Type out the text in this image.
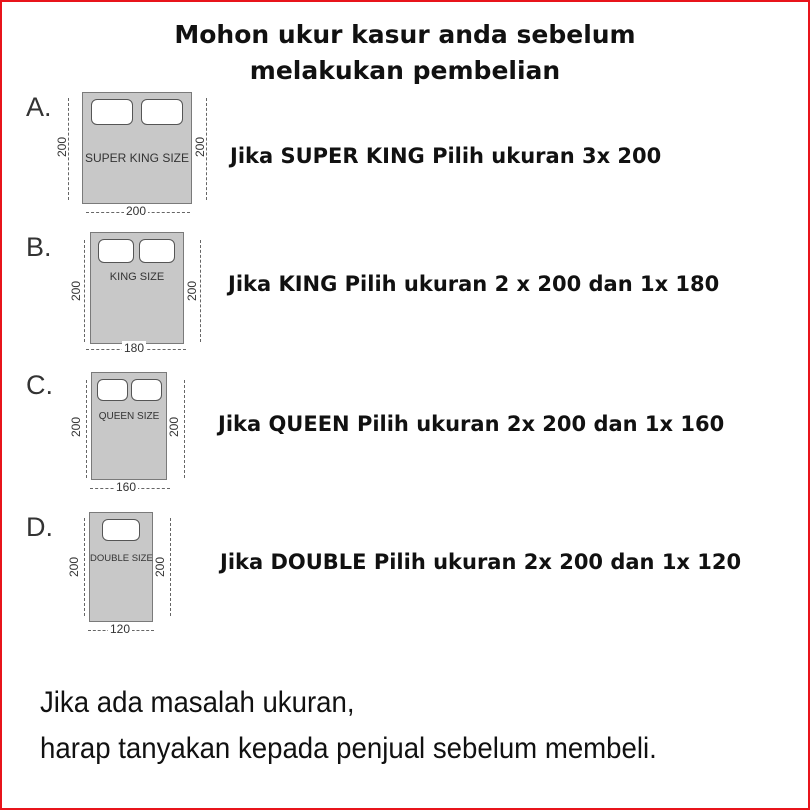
Mohon ukur kasur anda sebelum
melakukan pembelian
A.
200
SUPER KING SIZE
200
200
Jika SUPER KING Pilih ukuran 3x 200
B.
200
KING SIZE
200
180
Jika KING Pilih ukuran 2 x 200 dan 1x 180
C.
200
QUEEN SIZE
200
160
Jika QUEEN Pilih ukuran 2x 200 dan 1x 160
D.
200 DOUBLE SIZE 200
120
Jika DOUBLE Pilih ukuran 2x 200 dan 1x 120
Jika ada masalah ukuran,
harap tanyakan kepada penjual sebelum membeli.
